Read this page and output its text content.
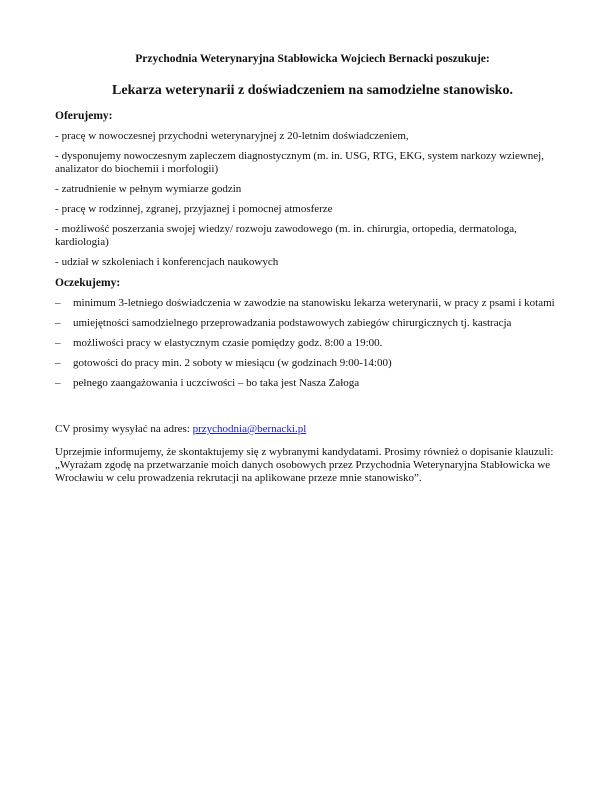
Przychodnia Weterynaryjna Stabłowicka Wojciech Bernacki poszukuje:
Lekarza weterynarii z doświadczeniem na samodzielne stanowisko.
Oferujemy:
- pracę w nowoczesnej przychodni weterynaryjnej z 20-letnim doświadczeniem,
- dysponujemy nowoczesnym zapleczem diagnostycznym (m. in. USG, RTG, EKG, system narkozy wziewnej, analizator do biochemii i morfologii)
- zatrudnienie w pełnym wymiarze godzin
- pracę w rodzinnej, zgranej, przyjaznej i pomocnej atmosferze
- możliwość poszerzania swojej wiedzy/ rozwoju zawodowego (m. in. chirurgia, ortopedia, dermatologa, kardiologia)
- udział w szkoleniach i konferencjach naukowych
Oczekujemy:
– minimum 3-letniego doświadczenia w zawodzie na stanowisku lekarza weterynarii, w pracy z psami i kotami
– umiejętności samodzielnego przeprowadzania podstawowych zabiegów chirurgicznych tj. kastracja
– możliwości pracy w elastycznym czasie pomiędzy godz. 8:00 a 19:00.
– gotowości do pracy min. 2 soboty w miesiącu (w godzinach 9:00-14:00)
– pełnego zaangażowania i uczciwości – bo taka jest Nasza Załoga
CV prosimy wysyłać na adres: przychodnia@bernacki.pl
Uprzejmie informujemy, że skontaktujemy się z wybranymi kandydatami. Prosimy również o dopisanie klauzuli: „Wyrażam zgodę na przetwarzanie moich danych osobowych przez Przychodnia Weterynaryjna Stabłowicka we Wrocławiu w celu prowadzenia rekrutacji na aplikowane przeze mnie stanowisko”.
